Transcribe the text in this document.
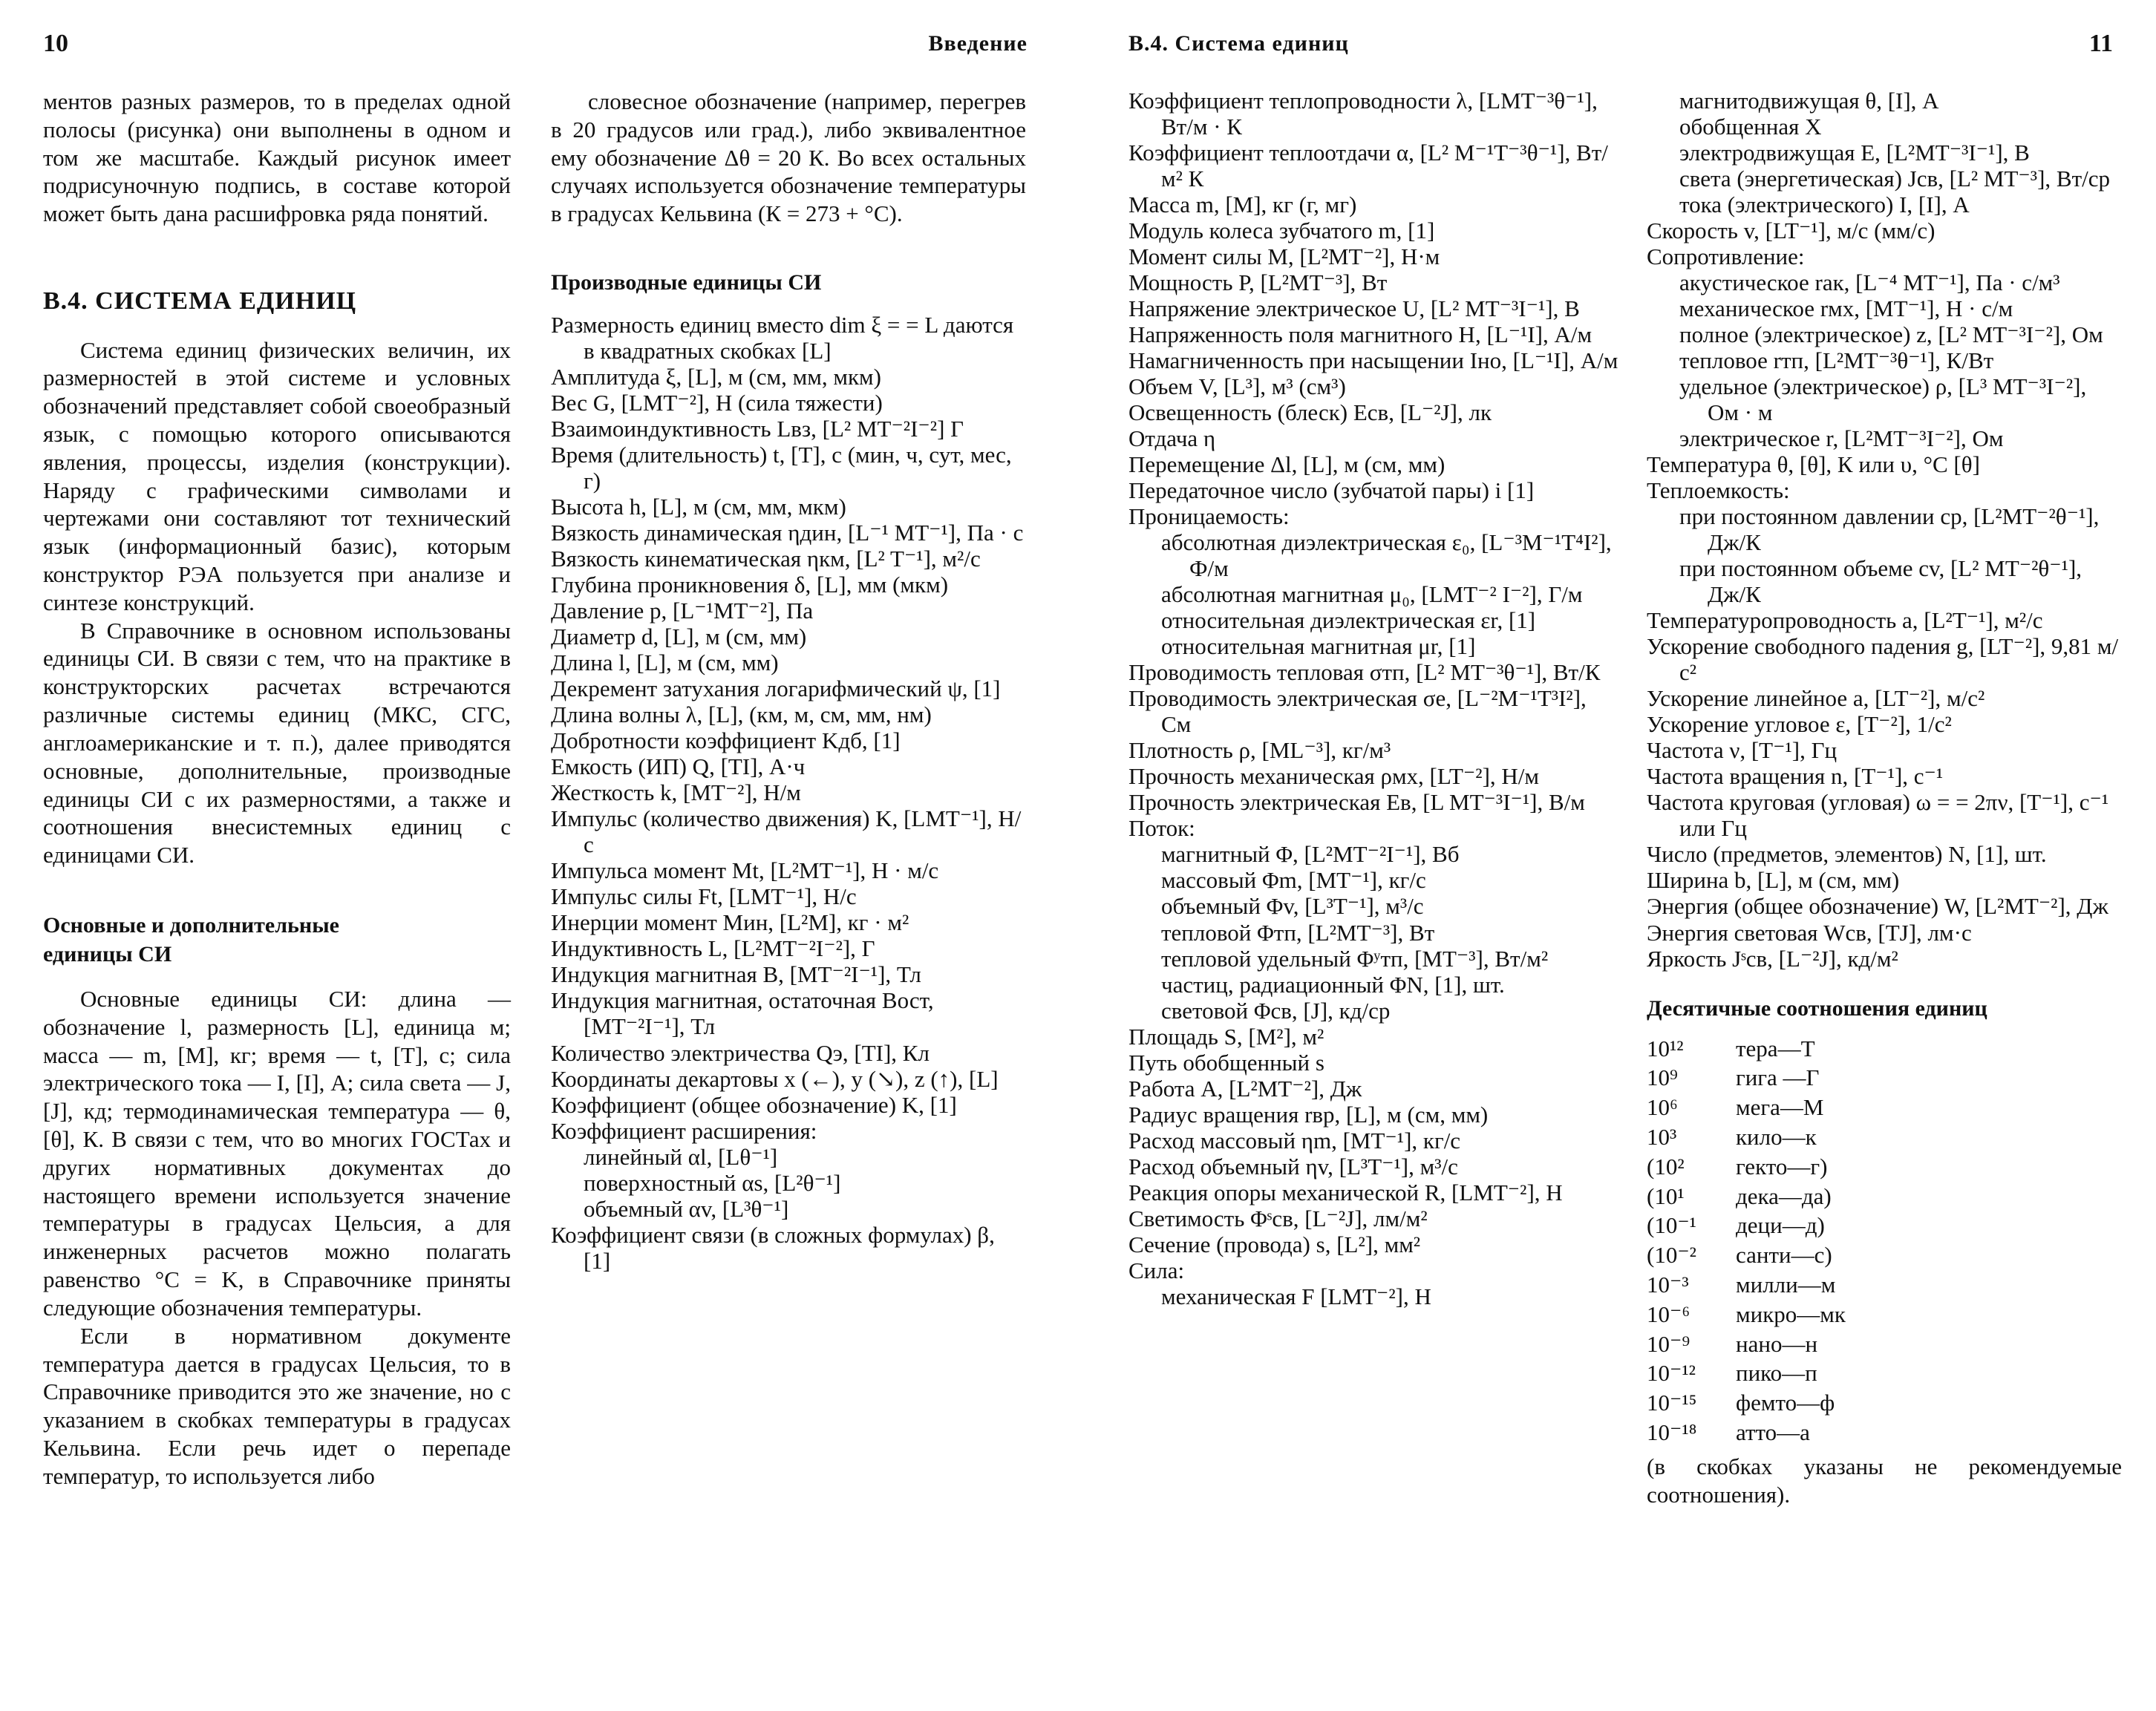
10	Введение

ментов разных размеров, то в пределах одной полосы (рисунка) они выполнены в одном и том же масштабе. Каждый рисунок имеет подрисуночную подпись, в составе которой может быть дана расшифровка ряда понятий.

В.4. СИСТЕМА ЕДИНИЦ

Система единиц физических величин, их размерностей в этой системе и условных обозначений представляет собой своеобразный язык, с помощью которого описываются явления, процессы, изделия (конструкции). Наряду с графическими символами и чертежами они составляют тот технический язык (информационный базис), которым конструктор РЭА пользуется при анализе и синтезе конструкций.

В Справочнике в основном использованы единицы СИ. В связи с тем, что на практике в конструкторских расчетах встречаются различные системы единиц (МКС, СГС, англоамериканские и т. п.), далее приводятся основные, дополнительные, производные единицы СИ с их размерностями, а также и соотношения внесистемных единиц с единицами СИ.

Основные и дополнительные единицы СИ

Основные единицы СИ: длина — обозначение l, размерность [L], единица м; масса — m, [M], кг; время — t, [T], с; сила электрического тока — I, [I], А; сила света — J, [J], кд; термодинамическая температура — θ, [θ], К. В связи с тем, что во многих ГОСТах и других нормативных документах до настоящего времени используется значение температуры в градусах Цельсия, а для инженерных расчетов можно полагать равенство °C = K, в Справочнике приняты следующие обозначения температуры.

Если в нормативном документе температура дается в градусах Цельсия, то в Справочнике приводится это же значение, но с указанием в скобках температуры в градусах Кельвина. Если речь идет о перепаде температур, то используется либо

словесное обозначение (например, перегрев в 20 градусов или град.), либо эквивалентное ему обозначение Δθ = 20 К. Во всех остальных случаях используется обозначение температуры в градусах Кельвина (К = 273 + °С).

Производные единицы СИ
Размерность единиц вместо dim ξ = = L даются в квадратных скобках [L]
Амплитуда ξ, [L], м (см, мм, мкм)
Вес G, [LMT⁻²], Н (сила тяжести)
Взаимоиндуктивность Lвз, [L² MT⁻²I⁻²] Г
Время (длительность) t, [T], с (мин, ч, сут, мес, г)
Высота h, [L], м (см, мм, мкм)
Вязкость динамическая ηдин, [L⁻¹ MT⁻¹], Па · с
Вязкость кинематическая ηкм, [L² T⁻¹], м²/с
Глубина проникновения δ, [L], мм (мкм)
Давление p, [L⁻¹MT⁻²], Па
Диаметр d, [L], м (см, мм)
Длина l, [L], м (см, мм)
Декремент затухания логарифмический ψ, [1]
Длина волны λ, [L], (км, м, см, мм, нм)
Добротности коэффициент Kдб, [1]
Емкость (ИП) Q, [TI], А·ч
Жесткость k, [MT⁻²], Н/м
Импульс (количество движения) K, [LMT⁻¹], Н/с
Импульса момент Mt, [L²MT⁻¹], Н · м/с
Импульс силы Ft, [LMT⁻¹], Н/с
Инерции момент Mин, [L²M], кг · м²
Индуктивность L, [L²MT⁻²I⁻²], Г
Индукция магнитная B, [MT⁻²I⁻¹], Тл
Индукция магнитная, остаточная Bост, [MT⁻²I⁻¹], Тл
Количество электричества Qэ, [TI], Кл
Координаты декартовы x (←), y (↘), z (↑), [L]
Коэффициент (общее обозначение) K, [1]
Коэффициент расширения:
линейный αl, [Lθ⁻¹]
поверхностный αs, [L²θ⁻¹]
объемный αv, [L³θ⁻¹]
Коэффициент связи (в сложных формулах) β, [1]
11
В.4. Система единиц
Коэффициент теплопроводности λ, [LMT⁻³θ⁻¹], Вт/м · К
Коэффициент теплоотдачи α, [L² M⁻¹T⁻³θ⁻¹], Вт/м² К
Масса m, [M], кг (г, мг)
Модуль колеса зубчатого m, [1]
Момент силы M, [L²MT⁻²], Н·м
Мощность P, [L²MT⁻³], Вт
Напряжение электрическое U, [L² MT⁻³I⁻¹], В
Напряженность поля магнитного H, [L⁻¹I], А/м
Намагниченность при насыщении Iнo, [L⁻¹I], А/м
Объем V, [L³], м³ (см³)
Освещенность (блеск) Eсв, [L⁻²J], лк
Отдача η
Перемещение Δl, [L], м (см, мм)
Передаточное число (зубчатой пары) i [1]
Проницаемость:
абсолютная диэлектрическая ε₀, [L⁻³M⁻¹T⁴I²], Ф/м
абсолютная магнитная μ₀, [LMT⁻² I⁻²], Г/м
относительная диэлектрическая εr, [1]
относительная магнитная μr, [1]
Проводимость тепловая σтп, [L² MT⁻³θ⁻¹], Вт/К
Проводимость электрическая σe, [L⁻²M⁻¹T³I²], См
Плотность ρ, [ML⁻³], кг/м³
Прочность механическая ρмх, [LT⁻²], Н/м
Прочность электрическая Eв, [L MT⁻³I⁻¹], В/м
Поток:
магнитный Φ, [L²MT⁻²I⁻¹], Вб
массовый Φm, [MT⁻¹], кг/с
объемный Φv, [L³T⁻¹], м³/с
тепловой Φтп, [L²MT⁻³], Вт
тепловой удельный Φʸтп, [MT⁻³], Вт/м²
частиц, радиационный ΦN, [1], шт.
световой Φсв, [J], кд/ср
Площадь S, [M²], м²
Путь обобщенный s
Работа A, [L²MT⁻²], Дж
Радиус вращения rвр, [L], м (см, мм)
Расход массовый ηm, [MT⁻¹], кг/с
Расход объемный ηv, [L³T⁻¹], м³/с
Реакция опоры механической R, [LMT⁻²], Н
Светимость Φˢсв, [L⁻²J], лм/м²
Сечение (провода) s, [L²], мм²
Сила:
механическая F [LMT⁻²], Н
магнитодвижущая θ, [I], А
обобщенная X
электродвижущая E, [L²MT⁻³I⁻¹], В
света (энергетическая) Jсв, [L² MT⁻³], Вт/ср
тока (электрического) I, [I], А
Скорость v, [LT⁻¹], м/с (мм/с)
Сопротивление:
акустическое rак, [L⁻⁴ MT⁻¹], Па · с/м³
механическое rмх, [MT⁻¹], Н · с/м
полное (электрическое) z, [L² MT⁻³I⁻²], Ом
тепловое rтп, [L²MT⁻³θ⁻¹], К/Вт
удельное (электрическое) ρ, [L³ MT⁻³I⁻²], Ом · м
электрическое r, [L²MT⁻³I⁻²], Ом
Температура θ, [θ], К или υ, °С [θ]
Теплоемкость:
при постоянном давлении cp, [L²MT⁻²θ⁻¹], Дж/К
при постоянном объеме cv, [L² MT⁻²θ⁻¹], Дж/К
Температуропроводность a, [L²T⁻¹], м²/с
Ускорение свободного падения g, [LT⁻²], 9,81 м/с²
Ускорение линейное a, [LT⁻²], м/с²
Ускорение угловое ε, [T⁻²], 1/с²
Частота ν, [T⁻¹], Гц
Частота вращения n, [T⁻¹], с⁻¹
Частота круговая (угловая) ω = = 2πν, [T⁻¹], с⁻¹ или Гц
Число (предметов, элементов) N, [1], шт.
Ширина b, [L], м (см, мм)
Энергия (общее обозначение) W, [L²MT⁻²], Дж
Энергия световая Wсв, [TJ], лм·с
Яркость Jˢсв, [L⁻²J], кд/м²
Десятичные соотношения единиц
10¹²	тера—Т
10⁹	гига —Г
10⁶	мега—М
10³	кило—к
(10²	гекто—г)
(10¹	дека—да)
(10⁻¹	деци—д)
(10⁻²	санти—с)
10⁻³	милли—м
10⁻⁶	микро—мк
10⁻⁹	нано—н
10⁻¹²	пико—п
10⁻¹⁵	фемто—ф
10⁻¹⁸	атто—а

(в скобках указаны не рекомендуемые соотношения).
